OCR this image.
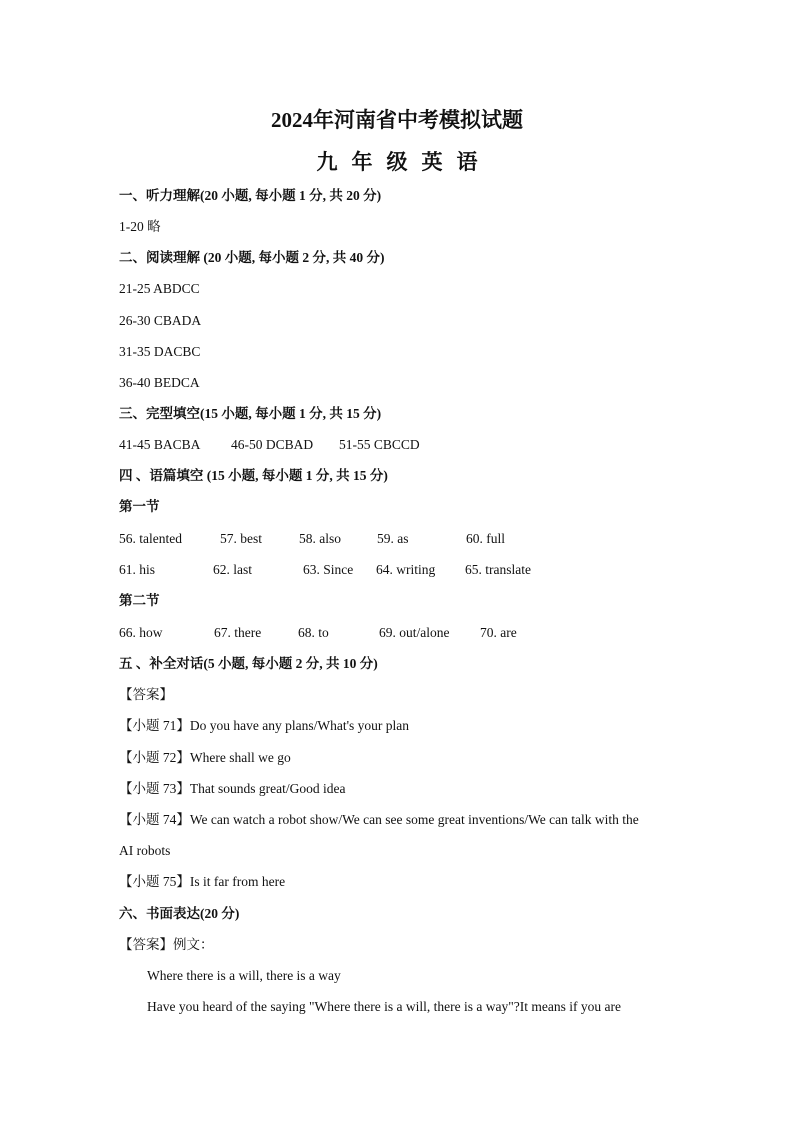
2024年河南省中考模拟试题
九年级英语
一、听力理解(20 小题, 每小题 1 分, 共 20 分)
1-20 略
二、阅读理解 (20 小题, 每小题 2 分, 共 40 分)
21-25 ABDCC
26-30 CBADA
31-35 DACBC
36-40 BEDCA
三、完型填空(15 小题, 每小题 1 分, 共 15 分)
41-45 BACBA 46-50 DCBAD 51-55 CBCCD
四 、语篇填空 (15 小题, 每小题 1 分, 共 15 分)
第一节
56. talented	57. best	58. also	59. as	60. full
61. his	62. last	63. Since 64. writing 65. translate
第二节
66. how	67. there	68. to	69. out/alone 70. are
五 、补全对话(5 小题, 每小题 2 分, 共 10 分)
【答案】
【小题 71】Do you have any plans/What's your plan
【小题 72】Where shall we go
【小题 73】That sounds great/Good idea
【小题 74】We can watch a robot show/We can see some great inventions/We can talk with the
AI robots
【小题 75】Is it far from here
六、书面表达(20 分)
【答案】例文：
Where there is a will, there is a way
Have you heard of the saying "Where there is a will, there is a way"?It means if you are
